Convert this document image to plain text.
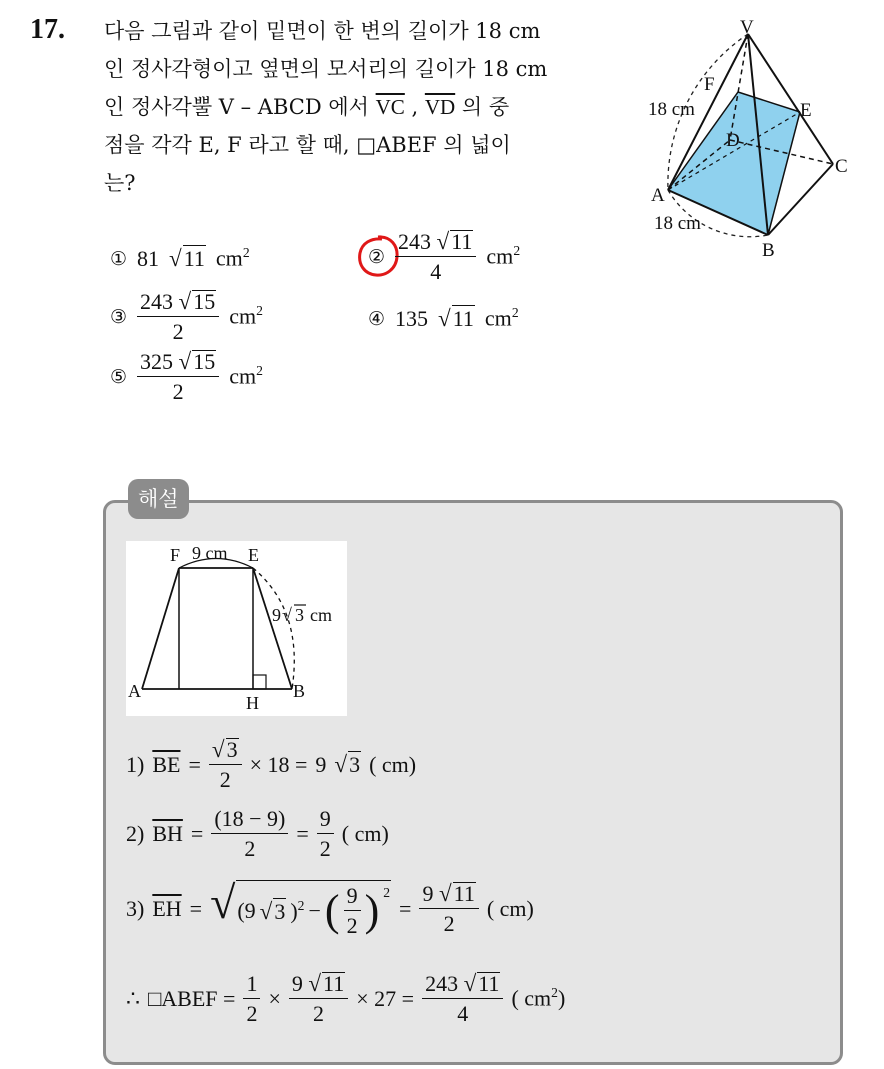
17. 다음 그림과 같이 밑면이 한 변의 길이가 18 cm
인 정사각형이고 옆면의 모서리의 길이가 18 cm
인 정사각뿔 V – ABCD 에서 $\overline{VC}$ , $\overline{VD}$ 의 중
점을 각각 E, F 라고 할 때, □ABEF 의 넓이
는?
V
F
E
D
C
A
B
18 cm
18 cm
① 81 √ 11 $cm^2$	② $\frac{243 √ 11}{4} cm^2$
③ $\frac{243 √ 15}{2} cm^2$	④ 135 √ 11 $cm^2$
⑤ $\frac{325 √ 15}{2} cm^2$
해설
F 9 cm E
A
H
B
9 √ 3 cm
1) $\overline{BE} = \frac{√ 3}{2} \times 18 = 9$ √ 3 ( cm)
2) $\overline{BH} = \frac{(18 - 9)}{2} = \frac{9}{2}$ ( cm)
3) $\overline{EH}$ = √ (9 √ 3 )$^2$ − ( $\frac{9}{2}$ ) $^2$
= $\frac{9 √ 11}{2}$ ( cm)
∴ □ABEF = $\frac{1}{2} \times \frac{9 √ 11}{2} \times 27 = \frac{243 √ 11}{4}$ ( $cm^2$)
